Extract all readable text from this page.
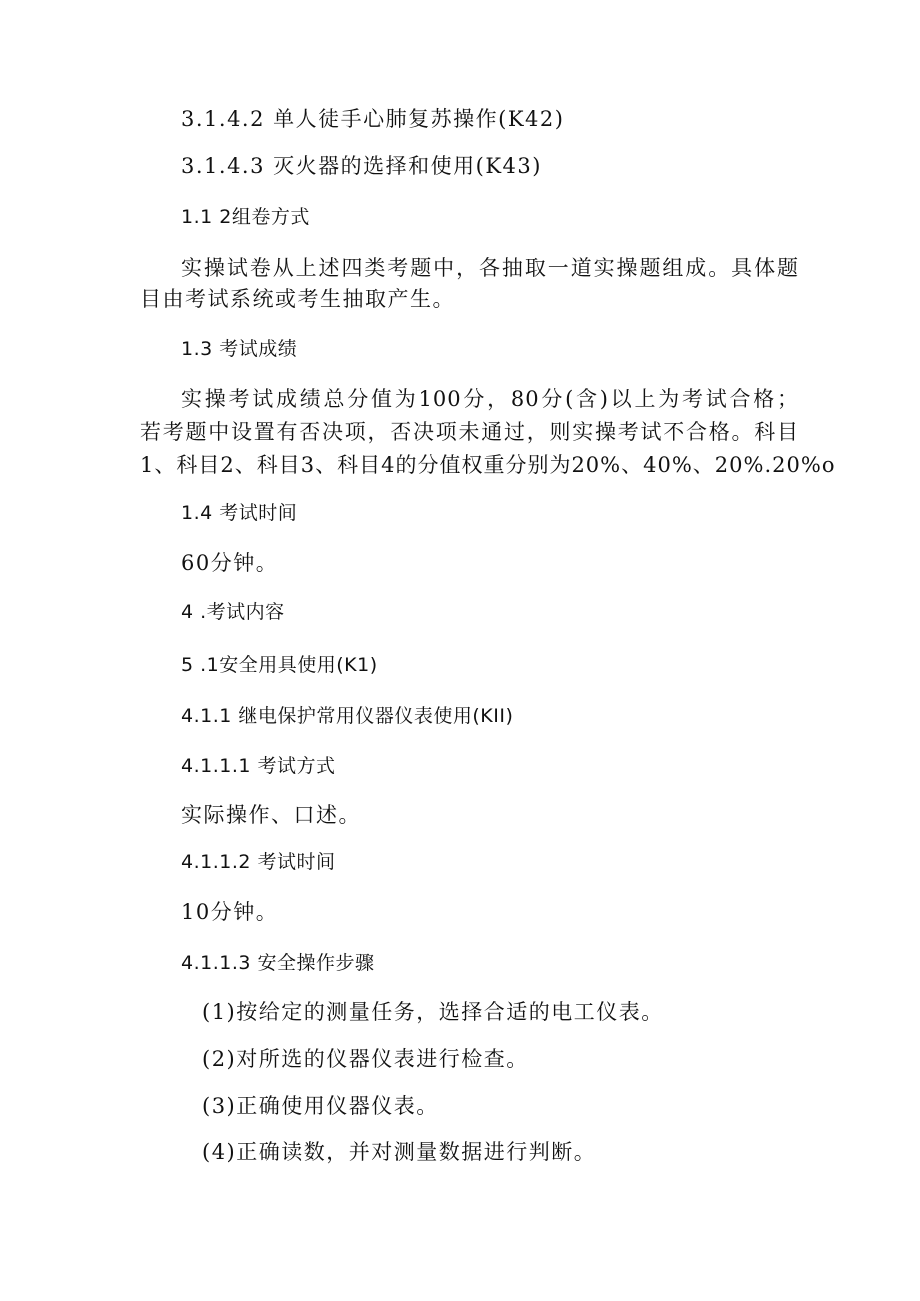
3.1.4.2 单人徒手心肺复苏操作(K42)
3.1.4.3 灭火器的选择和使用(K43)
1.1 2组卷方式
实操试卷从上述四类考题中，各抽取一道实操题组成。具体题
目由考试系统或考生抽取产生。
1.3 考试成绩
实操考试成绩总分值为100分，80分(含)以上为考试合格；
若考题中设置有否决项，否决项未通过，则实操考试不合格。科目
1、科目2、科目3、科目4的分值权重分别为20%、40%、20%.20%o
1.4 考试时间
60分钟。
4 .考试内容
5 .1安全用具使用(K1)
4.1.1 继电保护常用仪器仪表使用(KII)
4.1.1.1 考试方式
实际操作、口述。
4.1.1.2 考试时间
10分钟。
4.1.1.3 安全操作步骤
(1)按给定的测量任务，选择合适的电工仪表。
(2)对所选的仪器仪表进行检查。
(3)正确使用仪器仪表。
(4)正确读数，并对测量数据进行判断。
